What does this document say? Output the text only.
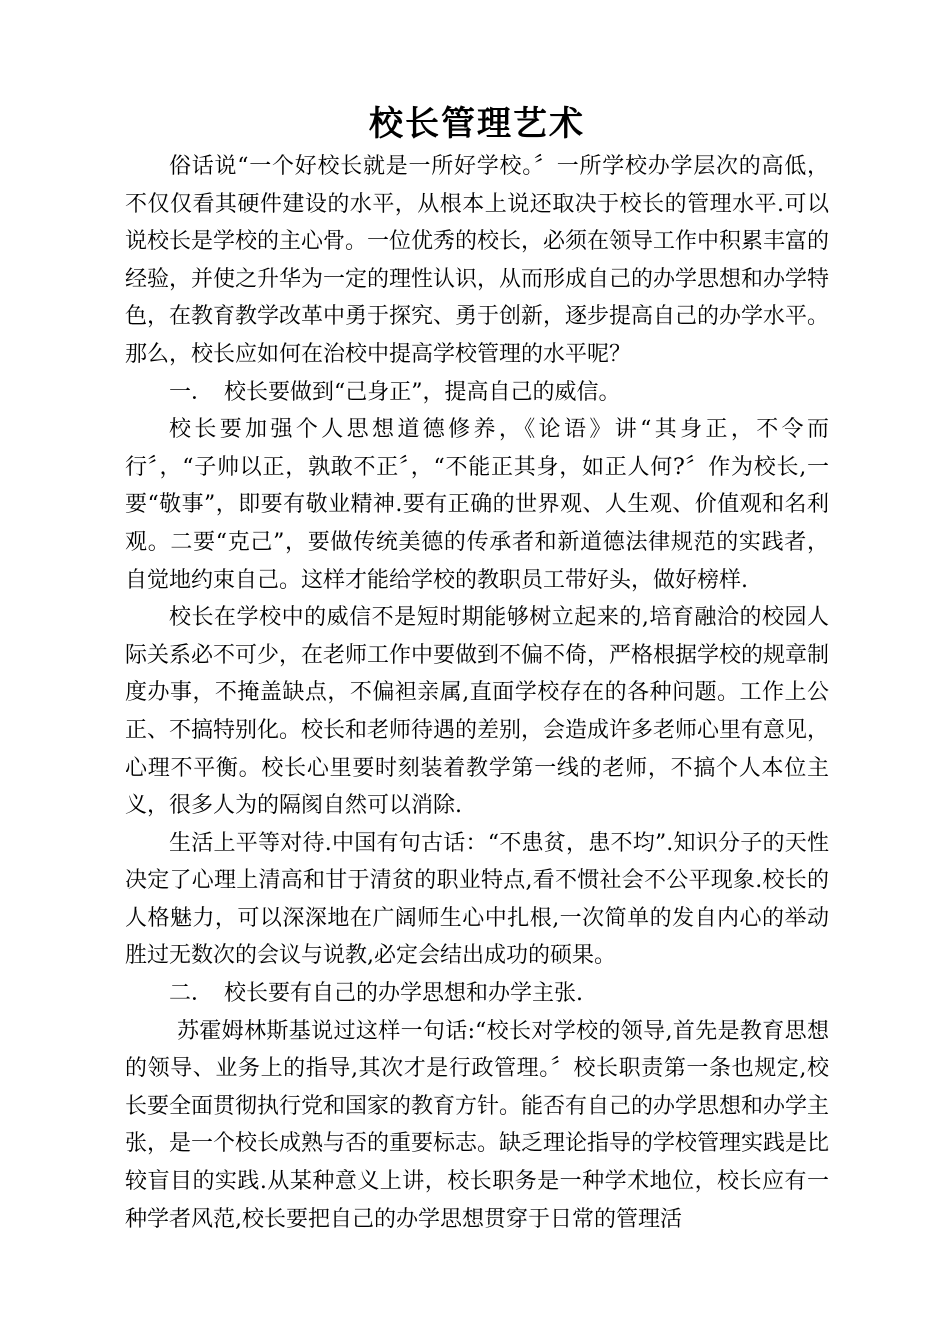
校长管理艺术

俗话说“一个好校长就是一所好学校。〞一所学校办学层次的高低，不仅仅看其硬件建设的水平，从根本上说还取决于校长的管理水平.可以说校长是学校的主心骨。一位优秀的校长，必须在领导工作中积累丰富的经验，并使之升华为一定的理性认识，从而形成自己的办学思想和办学特色，在教育教学改革中勇于探究、勇于创新，逐步提高自己的办学水平。那么，校长应如何在治校中提高学校管理的水平呢？

一．　校长要做到“己身正”，提高自己的威信。

校长要加强个人思想道德修养，《论语》讲“其身正，不令而行〞，“子帅以正，孰敢不正〞，“不能正其身，如正人何?〞作为校长,一要“敬事”，即要有敬业精神.要有正确的世界观、人生观、价值观和名利观。二要“克己”，要做传统美德的传承者和新道德法律规范的实践者，自觉地约束自己。这样才能给学校的教职员工带好头，做好榜样.

校长在学校中的威信不是短时期能够树立起来的,培育融洽的校园人际关系必不可少，在老师工作中要做到不偏不倚，严格根据学校的规章制度办事，不掩盖缺点，不偏袒亲属,直面学校存在的各种问题。工作上公正、不搞特别化。校长和老师待遇的差别，会造成许多老师心里有意见，心理不平衡。校长心里要时刻装着教学第一线的老师，不搞个人本位主义，很多人为的隔阂自然可以消除.

生活上平等对待.中国有句古话：“不患贫，患不均”.知识分子的天性决定了心理上清高和甘于清贫的职业特点,看不惯社会不公平现象.校长的人格魅力，可以深深地在广阔师生心中扎根,一次简单的发自内心的举动胜过无数次的会议与说教,必定会结出成功的硕果。

二．　校长要有自己的办学思想和办学主张.

苏霍姆林斯基说过这样一句话:“校长对学校的领导,首先是教育思想的领导、业务上的指导,其次才是行政管理。〞校长职责第一条也规定,校长要全面贯彻执行党和国家的教育方针。能否有自己的办学思想和办学主张，是一个校长成熟与否的重要标志。缺乏理论指导的学校管理实践是比较盲目的实践.从某种意义上讲，校长职务是一种学术地位，校长应有一种学者风范,校长要把自己的办学思想贯穿于日常的管理活
